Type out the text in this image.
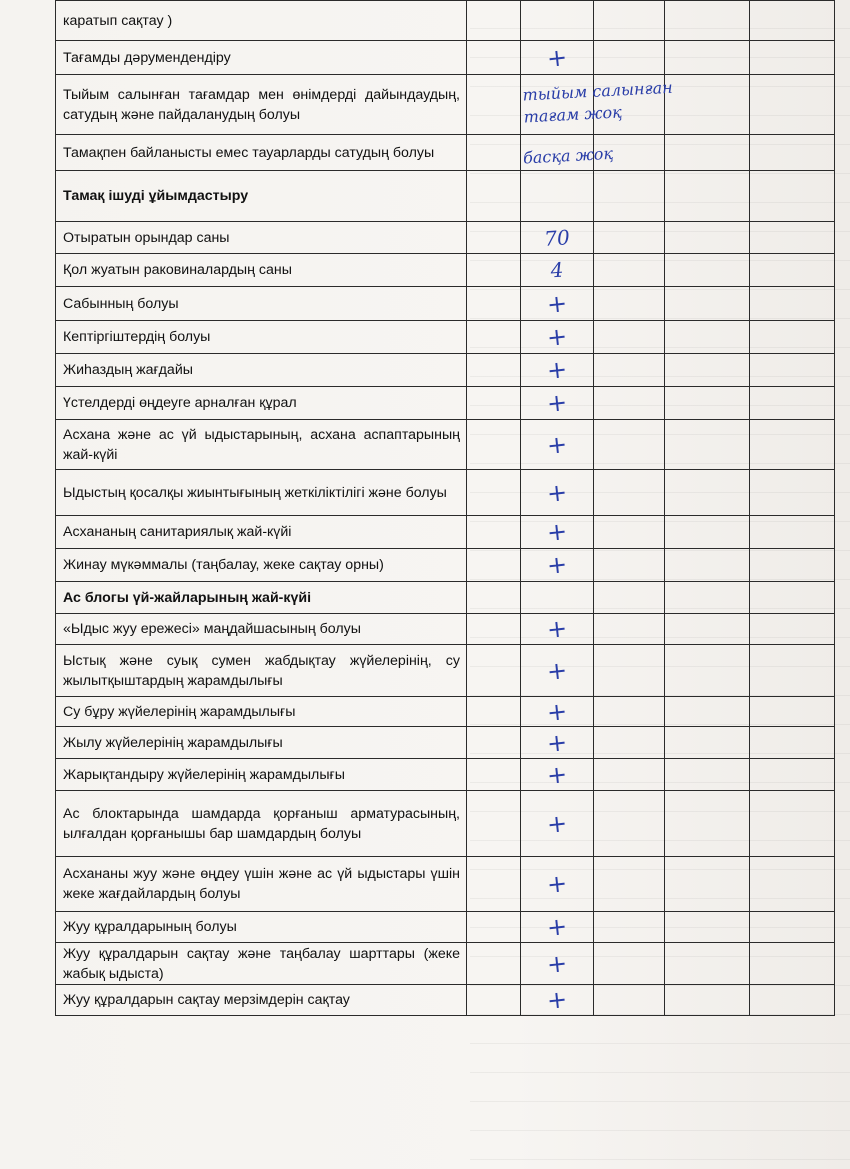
каратып сақтау )					
Тағамды дәрумендендіру		+			

Тыйым салынған тағамдар мен өнімдерді дайындаудың, сатудың және пайдаланудың болуы		тыйым салынған тағам жоқ			

Тамақпен байланысты емес тауарларды сатудың болуы		басқа жоқ			

Тамақ ішуді ұйымдастыру					
Отыратын орындар саны		70			

Қол жуатын раковиналардың саны		4			

Сабынның болуы		+			

Кептіргіштердің болуы		+			

Жиһаздың жағдайы		+			

Үстелдерді өңдеуге арналған құрал		+			

Асхана және ас үй ыдыстарының, асхана аспаптарының жай-күйі		+			

Ыдыстың қосалқы жиынтығының жеткіліктілігі және болуы		+			

Асхананың санитариялық жай-күйі		+			

Жинау мүкәммалы (таңбалау, жеке сақтау орны)		+			

Ас блогы үй-жайларының жай-күйі					
«Ыдыс жуу ережесі» маңдайшасының болуы		+			

Ыстық және суық сумен жабдықтау жүйелерінің, су жылытқыштардың жарамдылығы		+			

Су бұру жүйелерінің жарамдылығы		+			

Жылу жүйелерінің жарамдылығы		+			

Жарықтандыру жүйелерінің жарамдылығы		+			

Ас блоктарында шамдарда қорғаныш арматурасының, ылғалдан қорғанышы бар шамдардың болуы		+			

Асхананы жуу және өңдеу үшін және ас үй ыдыстары үшін жеке жағдайлардың болуы		+			

Жуу құралдарының болуы		+			

Жуу құралдарын сақтау және таңбалау шарттары (жеке жабық ыдыста)		+			

Жуу құралдарын сақтау мерзімдерін сақтау		+			
